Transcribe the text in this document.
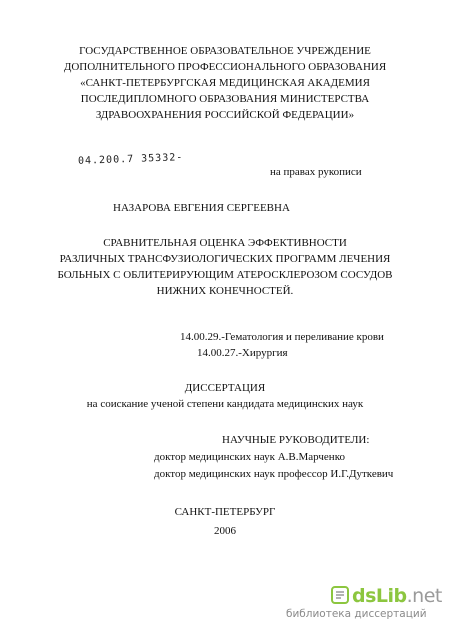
ГОСУДАРСТВЕННОЕ ОБРАЗОВАТЕЛЬНОЕ УЧРЕЖДЕНИЕ
ДОПОЛНИТЕЛЬНОГО ПРОФЕССИОНАЛЬНОГО ОБРАЗОВАНИЯ
«САНКТ-ПЕТЕРБУРГСКАЯ МЕДИЦИНСКАЯ АКАДЕМИЯ
ПОСЛЕДИПЛОМНОГО ОБРАЗОВАНИЯ МИНИСТЕРСТВА
ЗДРАВООХРАНЕНИЯ РОССИЙСКОЙ ФЕДЕРАЦИИ»
04.200.7 35332-
на правах рукописи
НАЗАРОВА ЕВГЕНИЯ СЕРГЕЕВНА
СРАВНИТЕЛЬНАЯ ОЦЕНКА ЭФФЕКТИВНОСТИ
РАЗЛИЧНЫХ ТРАНСФУЗИОЛОГИЧЕСКИХ ПРОГРАММ ЛЕЧЕНИЯ
БОЛЬНЫХ С ОБЛИТЕРИРУЮЩИМ АТЕРОСКЛЕРОЗОМ СОСУДОВ
НИЖНИХ КОНЕЧНОСТЕЙ.
14.00.29.-Гематология и переливание крови
14.00.27.-Хирургия
ДИССЕРТАЦИЯ
на соискание ученой степени кандидата медицинских наук
НАУЧНЫЕ РУКОВОДИТЕЛИ:
доктор медицинских наук А.В.Марченко
доктор медицинских наук профессор И.Г.Дуткевич
САНКТ-ПЕТЕРБУРГ
2006
dsLib.net
библиотека диссертаций
